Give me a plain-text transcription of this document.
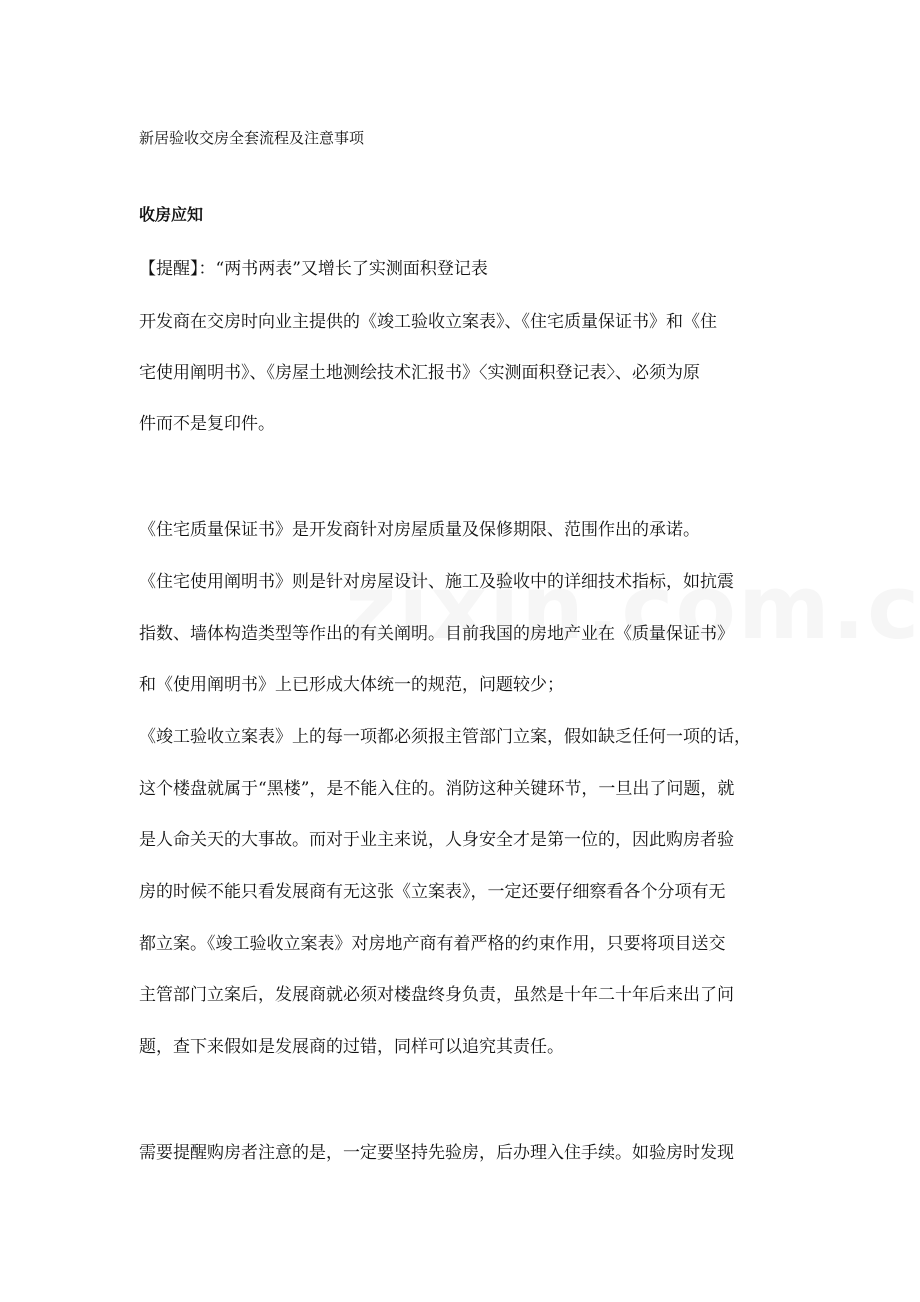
新居验收交房全套流程及注意事项
收房应知
【提醒】：“两书两表”又增长了实测面积登记表
开发商在交房时向业主提供的《竣工验收立案表》、《住宅质量保证书》和《住
宅使用阐明书》、《房屋土地测绘技术汇报书》〈实测面积登记表〉、必须为原
件而不是复印件。
《住宅质量保证书》是开发商针对房屋质量及保修期限、范围作出的承诺。
《住宅使用阐明书》则是针对房屋设计、施工及验收中的详细技术指标，如抗震
指数、墙体构造类型等作出的有关阐明。目前我国的房地产业在《质量保证书》
和《使用阐明书》上已形成大体统一的规范，问题较少；
《竣工验收立案表》上的每一项都必须报主管部门立案，假如缺乏任何一项的话，
这个楼盘就属于“黑楼”，是不能入住的。消防这种关键环节，一旦出了问题，就
是人命关天的大事故。而对于业主来说，人身安全才是第一位的，因此购房者验
房的时候不能只看发展商有无这张《立案表》，一定还要仔细察看各个分项有无
都立案。《竣工验收立案表》对房地产商有着严格的约束作用，只要将项目送交
主管部门立案后，发展商就必须对楼盘终身负责，虽然是十年二十年后来出了问
题，查下来假如是发展商的过错，同样可以追究其责任。
需要提醒购房者注意的是，一定要坚持先验房，后办理入住手续。如验房时发现
